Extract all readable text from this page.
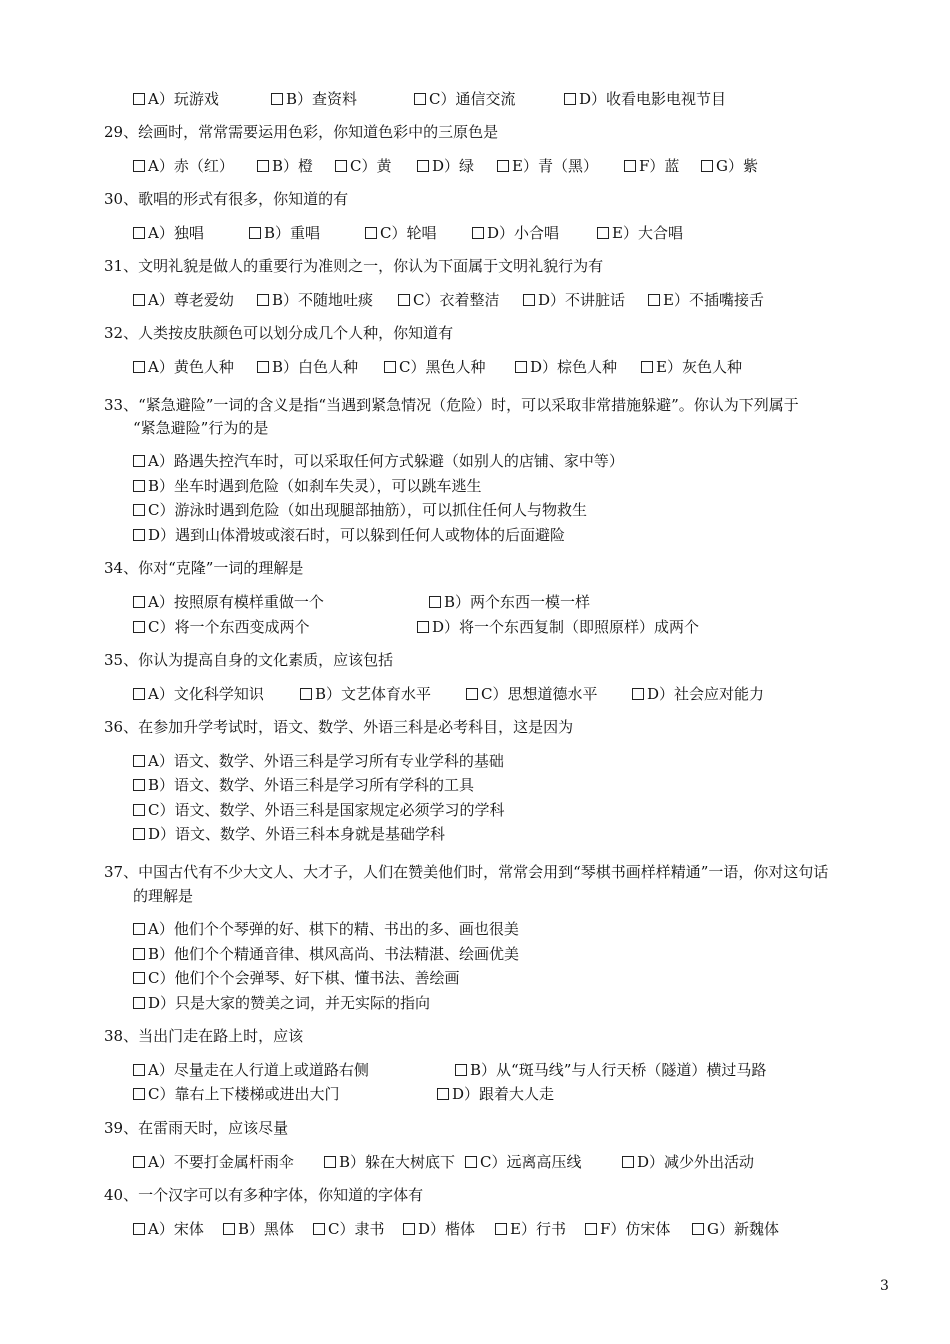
A）玩游戏	B）查资料	C）通信交流	D）收看电影电视节目
29、绘画时，常常需要运用色彩，你知道色彩中的三原色是
A）赤（红）	B）橙 C）黄	D）绿	E）青（黑）	F）蓝 G）紫
30、歌唱的形式有很多，你知道的有
A）独唱	B）重唱	C）轮唱	D）小合唱	E）大合唱
31、文明礼貌是做人的重要行为准则之一，你认为下面属于文明礼貌行为有
A）尊老爱幼	B）不随地吐痰	C）衣着整洁	D）不讲脏话	E）不插嘴接舌
32、人类按皮肤颜色可以划分成几个人种，你知道有
A）黄色人种	B）白色人种	C）黑色人种	D）棕色人种	E）灰色人种
33、“紧急避险”一词的含义是指“当遇到紧急情况（危险）时，可以采取非常措施躲避”。你认为下列属于
“紧急避险”行为的是
A）路遇失控汽车时，可以采取任何方式躲避（如别人的店铺、家中等）
B）坐车时遇到危险（如刹车失灵），可以跳车逃生
C）游泳时遇到危险（如出现腿部抽筋），可以抓住任何人与物救生
D）遇到山体滑坡或滚石时，可以躲到任何人或物体的后面避险
34、你对“克隆”一词的理解是
A）按照原有模样重做一个	B）两个东西一模一样
C）将一个东西变成两个	D）将一个东西复制（即照原样）成两个
35、你认为提高自身的文化素质，应该包括
A）文化科学知识	B）文艺体育水平	C）思想道德水平	D）社会应对能力
36、在参加升学考试时，语文、数学、外语三科是必考科目，这是因为
A）语文、数学、外语三科是学习所有专业学科的基础
B）语文、数学、外语三科是学习所有学科的工具
C）语文、数学、外语三科是国家规定必须学习的学科
D）语文、数学、外语三科本身就是基础学科
37、中国古代有不少大文人、大才子，人们在赞美他们时，常常会用到“琴棋书画样样精通”一语，你对这句话
的理解是
A）他们个个琴弹的好、棋下的精、书出的多、画也很美
B）他们个个精通音律、棋风高尚、书法精湛、绘画优美
C）他们个个会弹琴、好下棋、懂书法、善绘画
D）只是大家的赞美之词，并无实际的指向
38、当出门走在路上时，应该
A）尽量走在人行道上或道路右侧	B）从“斑马线”与人行天桥（隧道）横过马路
C）靠右上下楼梯或进出大门	D）跟着大人走
39、在雷雨天时，应该尽量
A）不要打金属杆雨伞	B）躲在大树底下 C）远离高压线	D）减少外出活动
40、一个汉字可以有多种字体，你知道的字体有
A）宋体 B）黑体 C）隶书 D）楷体 E）行书 F）仿宋体 G）新魏体
3
